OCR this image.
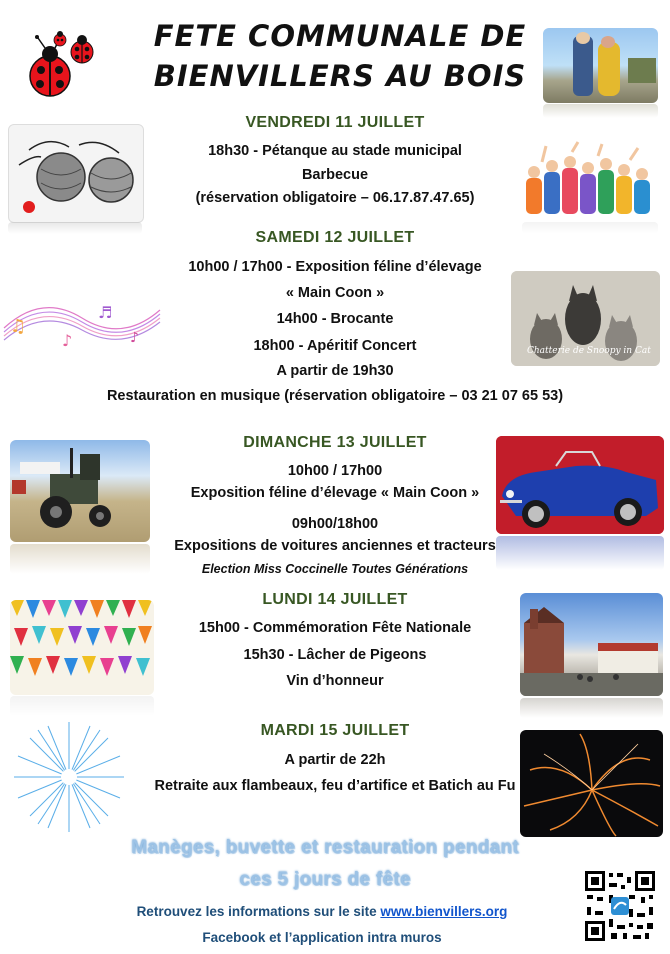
FETE COMMUNALE DE
BIENVILLERS AU BOIS
♫
♪
♬
♪
Chatterie de Snoopy in Cat
VENDREDI 11 JUILLET
18h30 - Pétanque au stade municipal
Barbecue
(réservation obligatoire – 06.17.87.47.65)
SAMEDI 12 JUILLET
10h00 / 17h00 - Exposition féline d’élevage
« Main Coon »
14h00 - Brocante
18h00 - Apéritif Concert
A partir de 19h30
Restauration en musique (réservation obligatoire – 03 21 07 65 53)
DIMANCHE 13 JUILLET
10h00 / 17h00
Exposition féline d’élevage « Main Coon »
09h00/18h00
Expositions de voitures anciennes et tracteurs
Election Miss Coccinelle Toutes Générations
LUNDI 14 JUILLET
15h00 - Commémoration Fête Nationale
15h30 - Lâcher de Pigeons
Vin d’honneur
MARDI 15 JUILLET
A partir de 22h
Retraite aux flambeaux, feu d’artifice et Batich au Fu
Manèges, buvette et restauration pendant
ces 5 jours de fête
Retrouvez les informations sur le site www.bienvillers.org
Facebook et l’application intra muros
